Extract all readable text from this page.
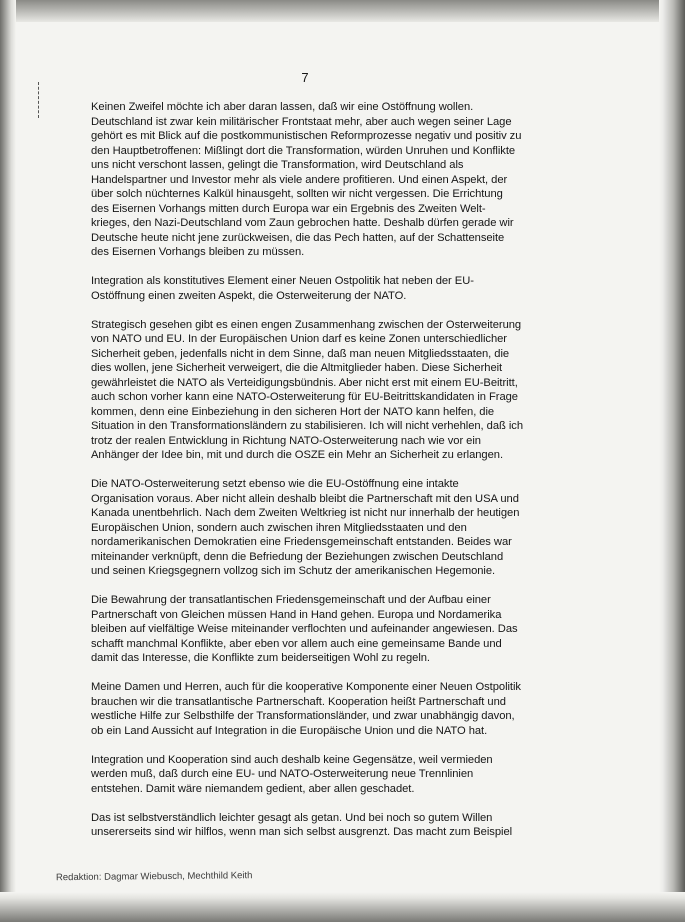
7

Keinen Zweifel möchte ich aber daran lassen, daß wir eine Ostöffnung wollen. Deutschland ist zwar kein militärischer Frontstaat mehr, aber auch wegen seiner Lage gehört es mit Blick auf die postkommunistischen Reformprozesse negativ und positiv zu den Hauptbetroffenen: Mißlingt dort die Transformation, würden Unruhen und Konflikte uns nicht verschont lassen, gelingt die Transformation, wird Deutschland als Handelspartner und Investor mehr als viele andere profitieren. Und einen Aspekt, der über solch nüchternes Kalkül hinausgeht, sollten wir nicht vergessen. Die Errichtung des Eisernen Vorhangs mitten durch Europa war ein Ergebnis des Zweiten Welt-krieges, den Nazi-Deutschland vom Zaun gebrochen hatte. Deshalb dürfen gerade wir Deutsche heute nicht jene zurückweisen, die das Pech hatten, auf der Schattenseite des Eisernen Vorhangs bleiben zu müssen.

Integration als konstitutives Element einer Neuen Ostpolitik hat neben der EU-Ostöffnung einen zweiten Aspekt, die Osterweiterung der NATO.

Strategisch gesehen gibt es einen engen Zusammenhang zwischen der Osterweiterung von NATO und EU. In der Europäischen Union darf es keine Zonen unterschiedlicher Sicherheit geben, jedenfalls nicht in dem Sinne, daß man neuen Mitgliedsstaaten, die dies wollen, jene Sicherheit verweigert, die die Altmitglieder haben. Diese Sicherheit gewährleistet die NATO als Verteidigungsbündnis. Aber nicht erst mit einem EU-Beitritt, auch schon vorher kann eine NATO-Osterweiterung für EU-Beitrittskandidaten in Frage kommen, denn eine Einbeziehung in den sicheren Hort der NATO kann helfen, die Situation in den Transformationsländern zu stabilisieren. Ich will nicht verhehlen, daß ich trotz der realen Entwicklung in Richtung NATO-Osterweiterung nach wie vor ein Anhänger der Idee bin, mit und durch die OSZE ein Mehr an Sicherheit zu erlangen.

Die NATO-Osterweiterung setzt ebenso wie die EU-Ostöffnung eine intakte Organisation voraus. Aber nicht allein deshalb bleibt die Partnerschaft mit den USA und Kanada unentbehrlich. Nach dem Zweiten Weltkrieg ist nicht nur innerhalb der heutigen Europäischen Union, sondern auch zwischen ihren Mitgliedsstaaten und den nordamerikanischen Demokratien eine Friedensgemeinschaft entstanden. Beides war miteinander verknüpft, denn die Befriedung der Beziehungen zwischen Deutschland und seinen Kriegsgegnern vollzog sich im Schutz der amerikanischen Hegemonie.

Die Bewahrung der transatlantischen Friedensgemeinschaft und der Aufbau einer Partnerschaft von Gleichen müssen Hand in Hand gehen. Europa und Nordamerika bleiben auf vielfältige Weise miteinander verflochten und aufeinander angewiesen. Das schafft manchmal Konflikte, aber eben vor allem auch eine gemeinsame Bande und damit das Interesse, die Konflikte zum beiderseitigen Wohl zu regeln.

Meine Damen und Herren, auch für die kooperative Komponente einer Neuen Ostpolitik brauchen wir die transatlantische Partnerschaft. Kooperation heißt Partnerschaft und westliche Hilfe zur Selbsthilfe der Transformationsländer, und zwar unabhängig davon, ob ein Land Aussicht auf Integration in die Europäische Union und die NATO hat.

Integration und Kooperation sind auch deshalb keine Gegensätze, weil vermieden werden muß, daß durch eine EU- und NATO-Osterweiterung neue Trennlinien entstehen. Damit wäre niemandem gedient, aber allen geschadet.

Das ist selbstverständlich leichter gesagt als getan. Und bei noch so gutem Willen unsererseits sind wir hilflos, wenn man sich selbst ausgrenzt. Das macht zum Beispiel

Redaktion: Dagmar Wiebusch, Mechthild Keith
